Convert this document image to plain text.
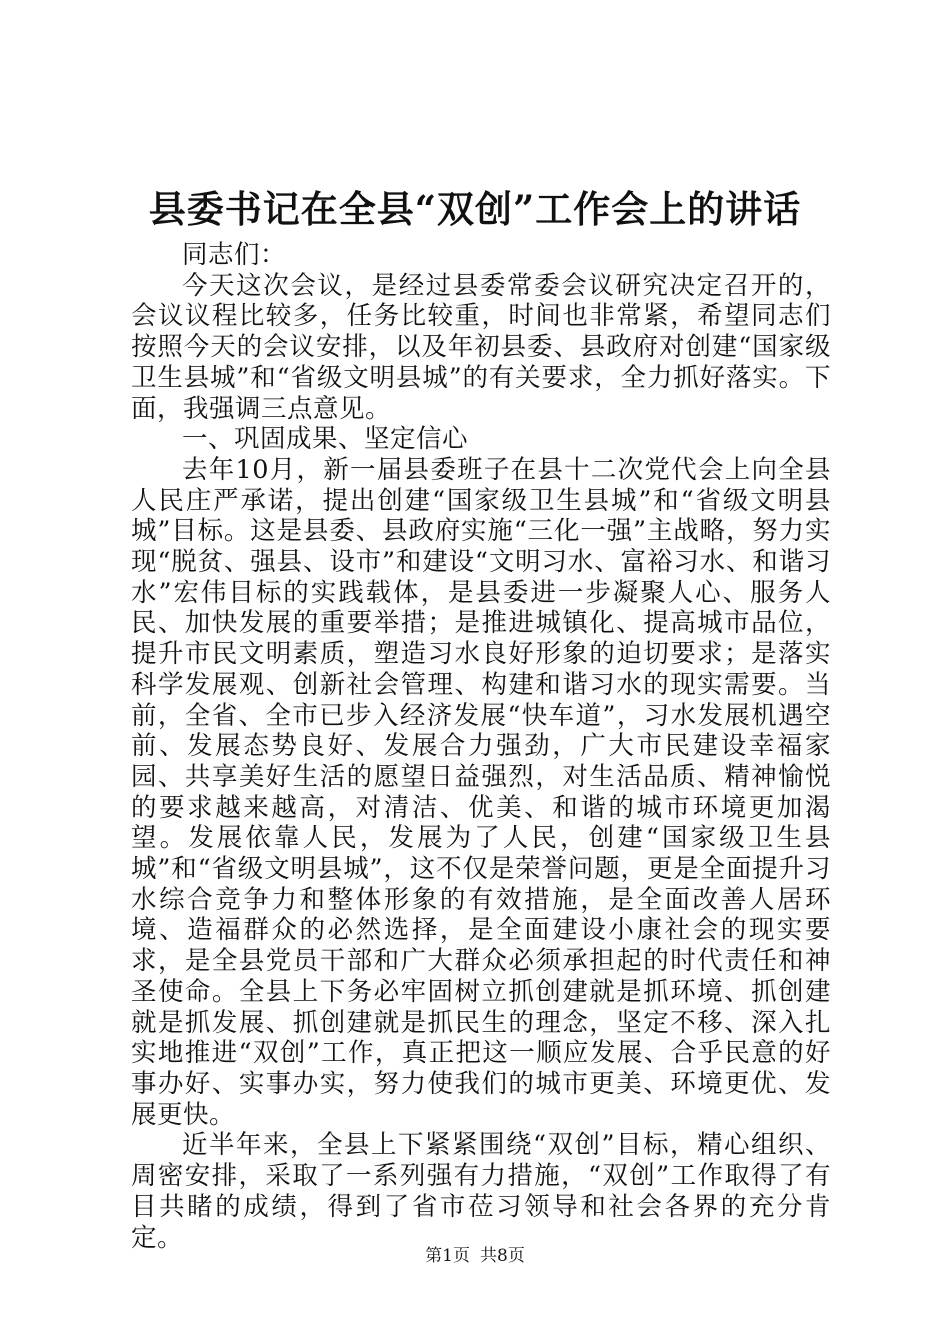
县委书记在全县“双创”工作会上的讲话

同志们：

今天这次会议，是经过县委常委会议研究决定召开的，会议议程比较多，任务比较重，时间也非常紧，希望同志们按照今天的会议安排，以及年初县委、县政府对创建“国家级卫生县城”和“省级文明县城”的有关要求，全力抓好落实。下面，我强调三点意见。

一、巩固成果、坚定信心

去年10月，新一届县委班子在县十二次党代会上向全县人民庄严承诺，提出创建“国家级卫生县城”和“省级文明县城”目标。这是县委、县政府实施“三化一强”主战略，努力实现“脱贫、强县、设市”和建设“文明习水、富裕习水、和谐习水”宏伟目标的实践载体，是县委进一步凝聚人心、服务人民、加快发展的重要举措；是推进城镇化、提高城市品位，提升市民文明素质，塑造习水良好形象的迫切要求；是落实科学发展观、创新社会管理、构建和谐习水的现实需要。当前，全省、全市已步入经济发展“快车道”，习水发展机遇空前、发展态势良好、发展合力强劲，广大市民建设幸福家园、共享美好生活的愿望日益强烈，对生活品质、精神愉悦的要求越来越高，对清洁、优美、和谐的城市环境更加渴望。发展依靠人民，发展为了人民，创建“国家级卫生县城”和“省级文明县城”，这不仅是荣誉问题，更是全面提升习水综合竞争力和整体形象的有效措施，是全面改善人居环境、造福群众的必然选择，是全面建设小康社会的现实要求，是全县党员干部和广大群众必须承担起的时代责任和神圣使命。全县上下务必牢固树立抓创建就是抓环境、抓创建就是抓发展、抓创建就是抓民生的理念，坚定不移、深入扎实地推进“双创”工作，真正把这一顺应发展、合乎民意的好事办好、实事办实，努力使我们的城市更美、环境更优、发展更快。

近半年来，全县上下紧紧围绕“双创”目标，精心组织、周密安排，采取了一系列强有力措施，“双创”工作取得了有目共睹的成绩，得到了省市莅习领导和社会各界的充分肯定。

第1页 共8页
